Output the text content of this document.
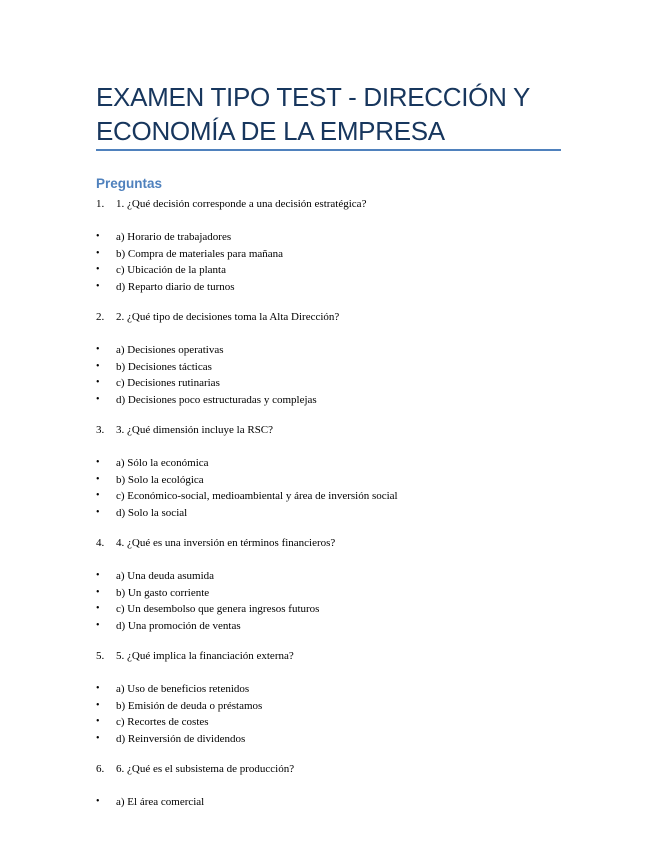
EXAMEN TIPO TEST - DIRECCIÓN Y ECONOMÍA DE LA EMPRESA
Preguntas
1. 1. ¿Qué decisión corresponde a una decisión estratégica?
• a) Horario de trabajadores
• b) Compra de materiales para mañana
• c) Ubicación de la planta
• d) Reparto diario de turnos
2. 2. ¿Qué tipo de decisiones toma la Alta Dirección?
• a) Decisiones operativas
• b) Decisiones tácticas
• c) Decisiones rutinarias
• d) Decisiones poco estructuradas y complejas
3. 3. ¿Qué dimensión incluye la RSC?
• a) Sólo la económica
• b) Solo la ecológica
• c) Económico-social, medioambiental y área de inversión social
• d) Solo la social
4. 4. ¿Qué es una inversión en términos financieros?
• a) Una deuda asumida
• b) Un gasto corriente
• c) Un desembolso que genera ingresos futuros
• d) Una promoción de ventas
5. 5. ¿Qué implica la financiación externa?
• a) Uso de beneficios retenidos
• b) Emisión de deuda o préstamos
• c) Recortes de costes
• d) Reinversión de dividendos
6. 6. ¿Qué es el subsistema de producción?
• a) El área comercial
